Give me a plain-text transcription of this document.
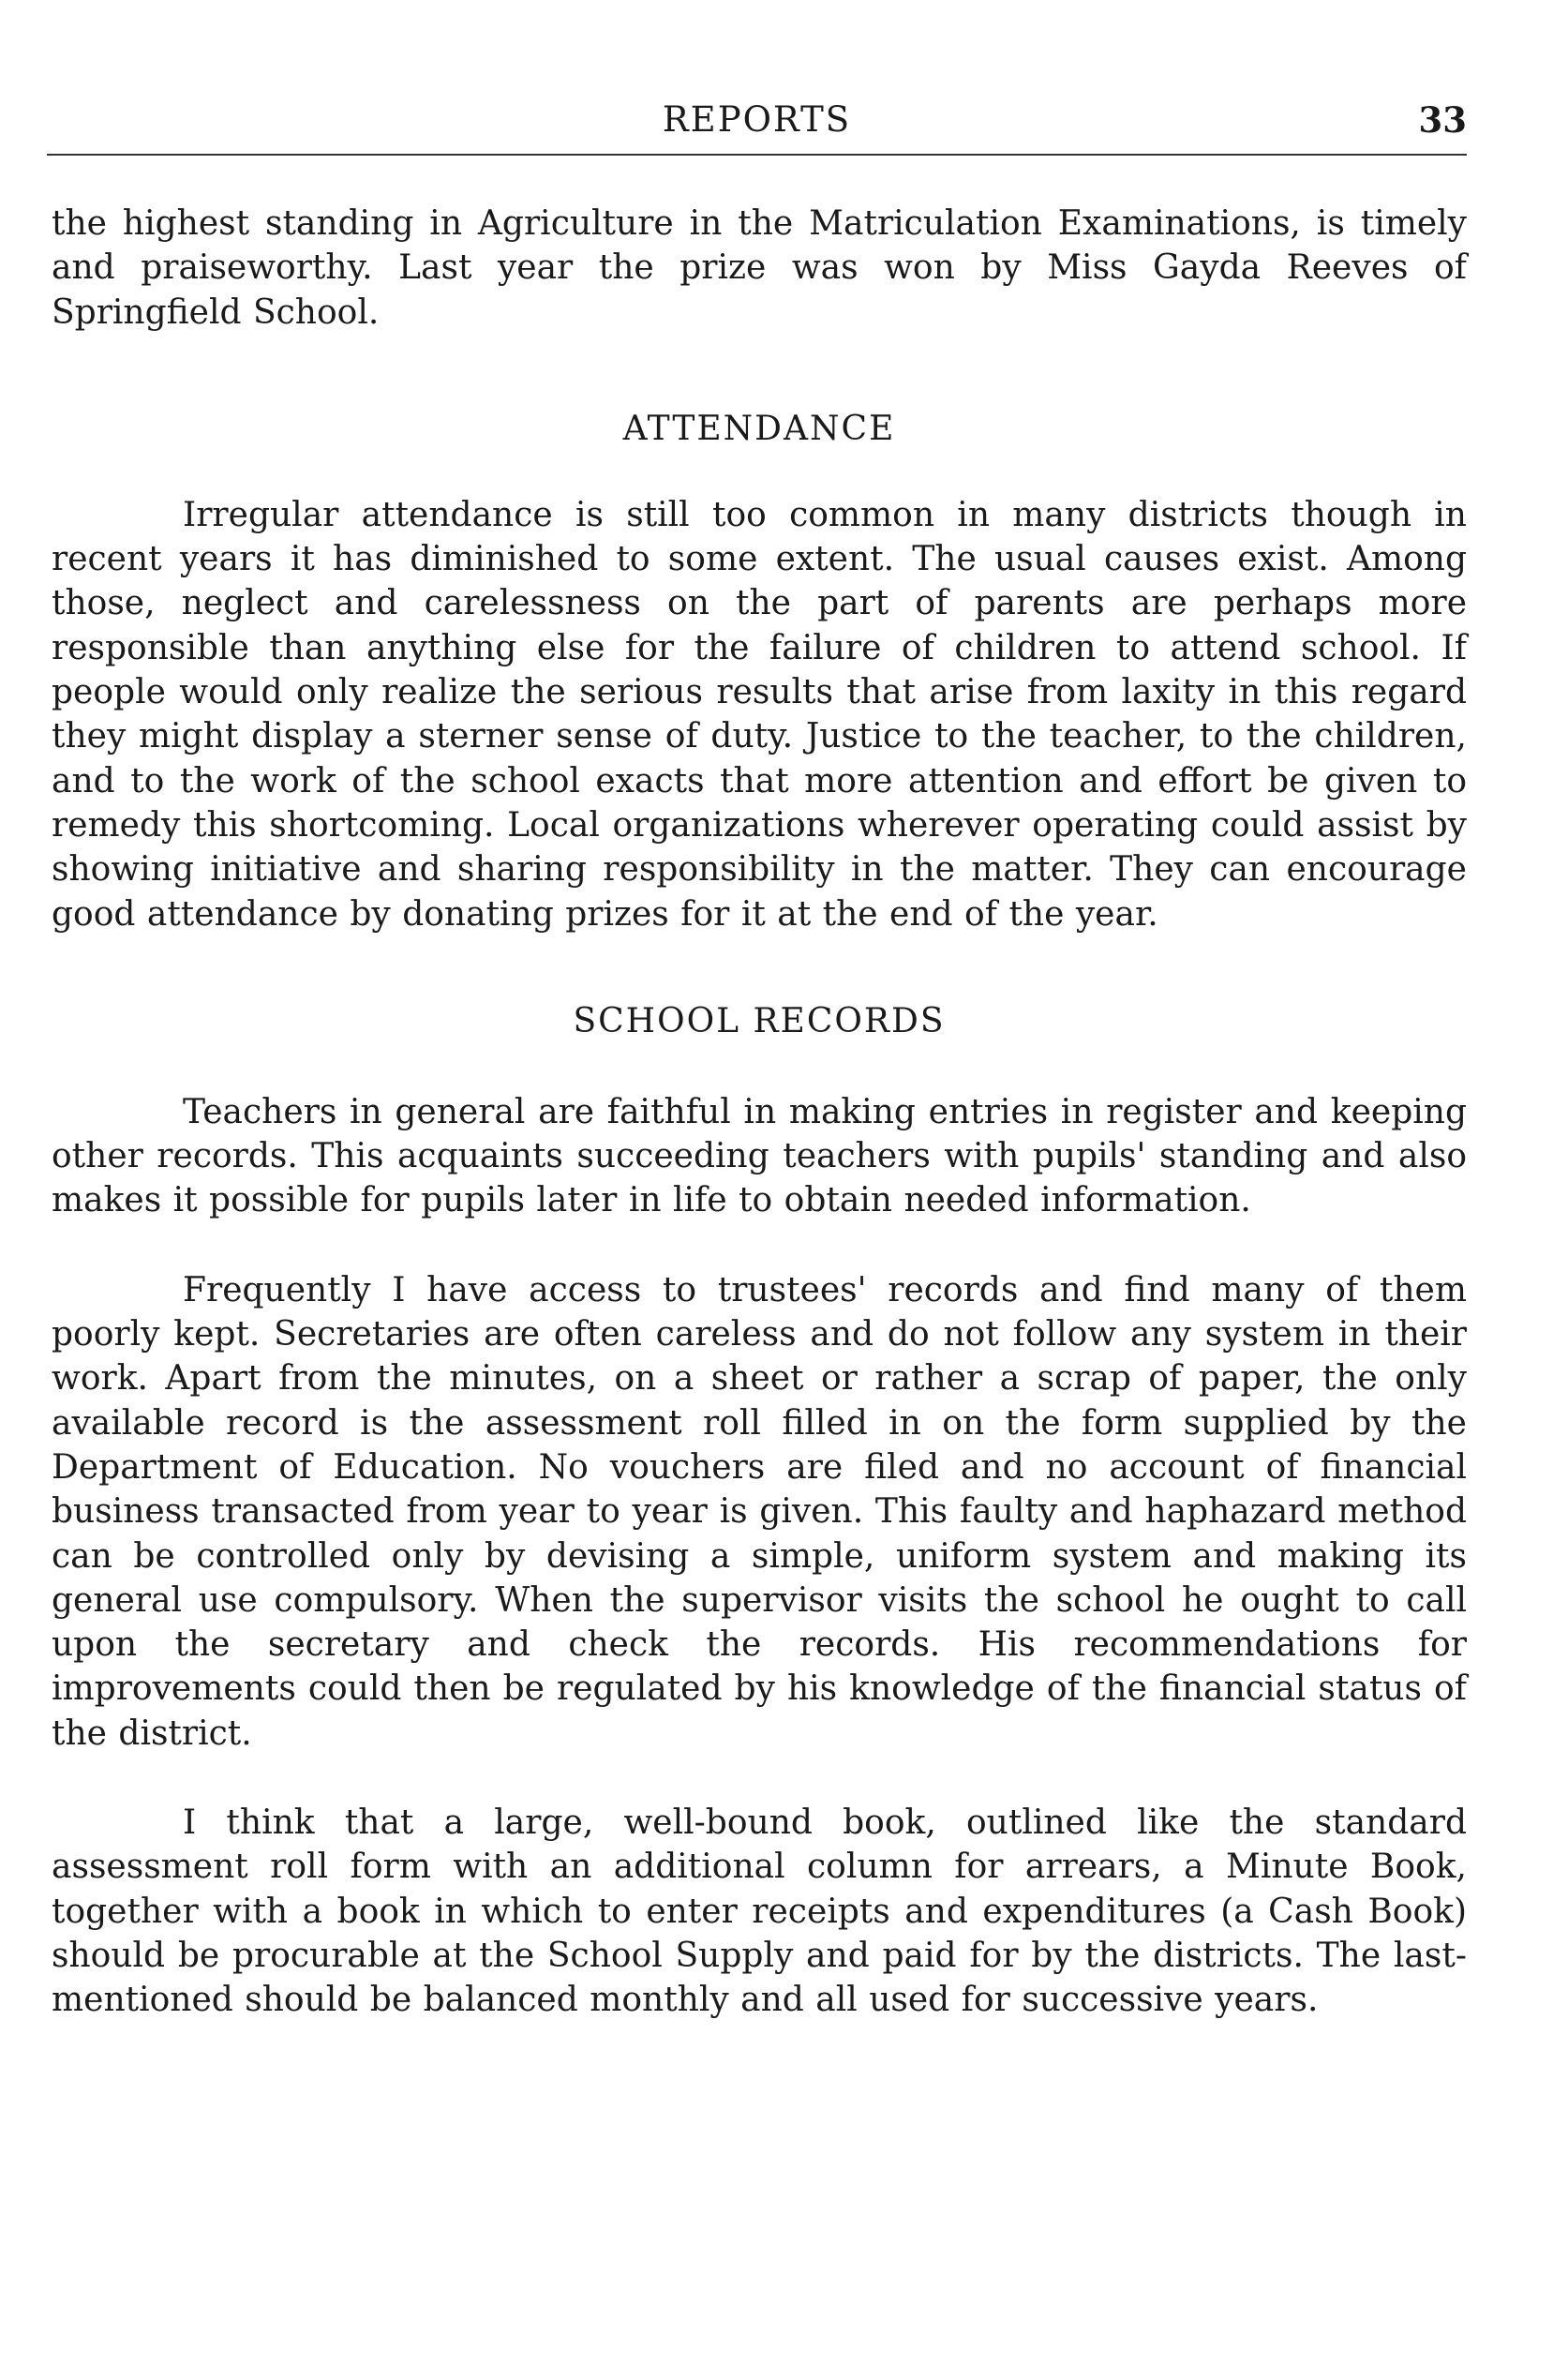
REPORTS	33

the highest standing in Agriculture in the Matriculation Examinations, is timely and praiseworthy. Last year the prize was won by Miss Gayda Reeves of Springfield School.

ATTENDANCE

Irregular attendance is still too common in many districts though in recent years it has diminished to some extent. The usual causes exist. Among those, neglect and carelessness on the part of parents are perhaps more responsible than anything else for the failure of children to attend school. If people would only realize the serious results that arise from laxity in this regard they might display a sterner sense of duty. Justice to the teacher, to the children, and to the work of the school exacts that more attention and effort be given to remedy this shortcoming. Local organizations wherever operating could assist by showing initiative and sharing responsibility in the matter. They can encourage good attendance by donating prizes for it at the end of the year.

SCHOOL RECORDS

Teachers in general are faithful in making entries in register and keeping other records. This acquaints succeeding teachers with pupils' standing and also makes it possible for pupils later in life to obtain needed information.

Frequently I have access to trustees' records and find many of them poorly kept. Secretaries are often careless and do not follow any system in their work. Apart from the minutes, on a sheet or rather a scrap of paper, the only available record is the assessment roll filled in on the form supplied by the Department of Education. No vouchers are filed and no account of financial business transacted from year to year is given. This faulty and haphazard method can be controlled only by devising a simple, uniform system and making its general use compulsory. When the supervisor visits the school he ought to call upon the secretary and check the records. His recommendations for improvements could then be regulated by his knowledge of the financial status of the district.

I think that a large, well-bound book, outlined like the standard assessment roll form with an additional column for arrears, a Minute Book, together with a book in which to enter receipts and expenditures (a Cash Book) should be procurable at the School Supply and paid for by the districts. The last-mentioned should be balanced monthly and all used for successive years.
